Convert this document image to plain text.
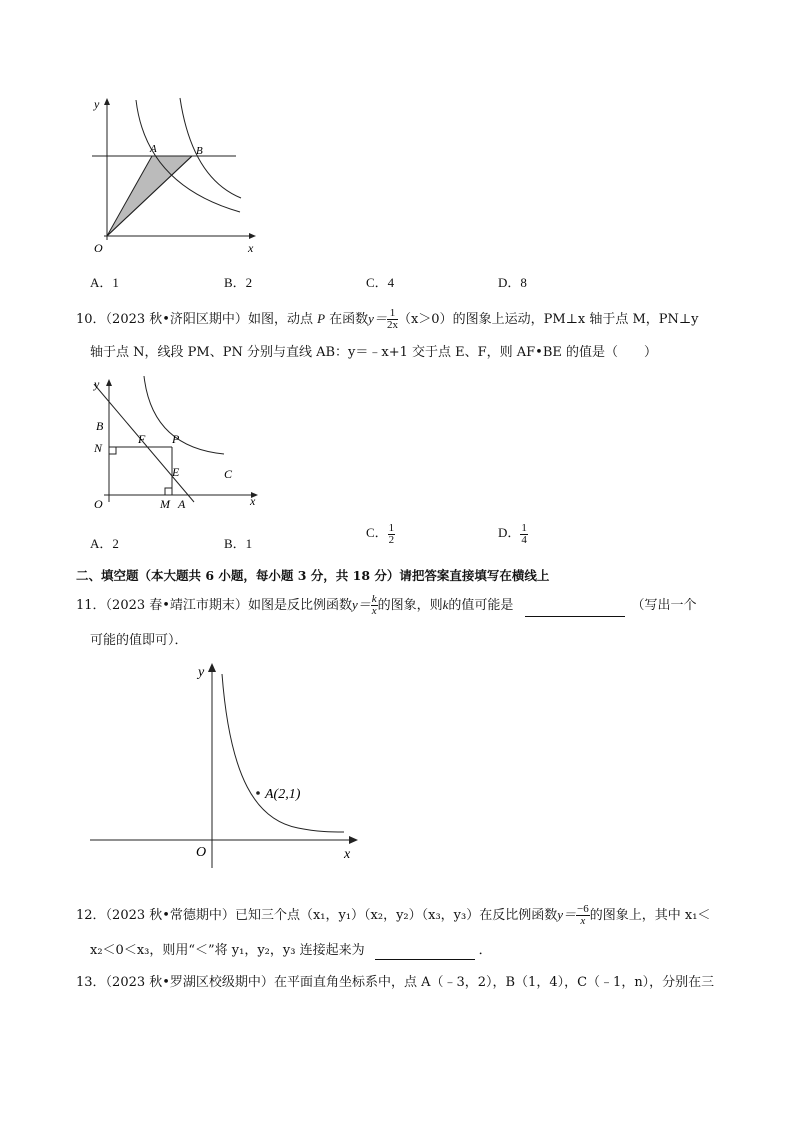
y
x
O
A	B
A．1	B．2	C．4	D．8
10．（2023 秋•济阳区期中）如图，动点 P 在函数$y= \frac{1}{2x} (x>0)$的图象上运动，PM⊥x 轴于点 M，PN⊥y
轴于点 N，线段 PM、PN 分别与直线 AB：y＝﹣x+1 交于点 E、F，则 AF•BE 的值是（　　）
y
x
B
N
F P
E	C
O	M A
A．2	B．1
C． $\frac{1}{2}$	D． $\frac{1}{4}$
二、填空题（本大题共 6 小题，每小题 3 分，共 18 分）请把答案直接填写在横线上
11．（2023 春•靖江市期末）如图是反比例函数$y= \frac{k}{x}$ 的图象，则k的值可能是	（写出一个
可能的值即可）．
y
x
O
A(2,1)
12．（2023 秋•常德期中）已知三个点（x₁，y₁）（x₂，y₂）（x₃，y₃）在反比例函数$y= \frac{-6}{x}$ 的图象上，其中 x₁＜
x₂＜0＜x₃，则用“＜”将 y₁，y₂，y₃ 连接起来为	．
13．（2023 秋•罗湖区校级期中）在平面直角坐标系中，点 A（﹣3，2），B（1，4），C（﹣1，n），分别在三
